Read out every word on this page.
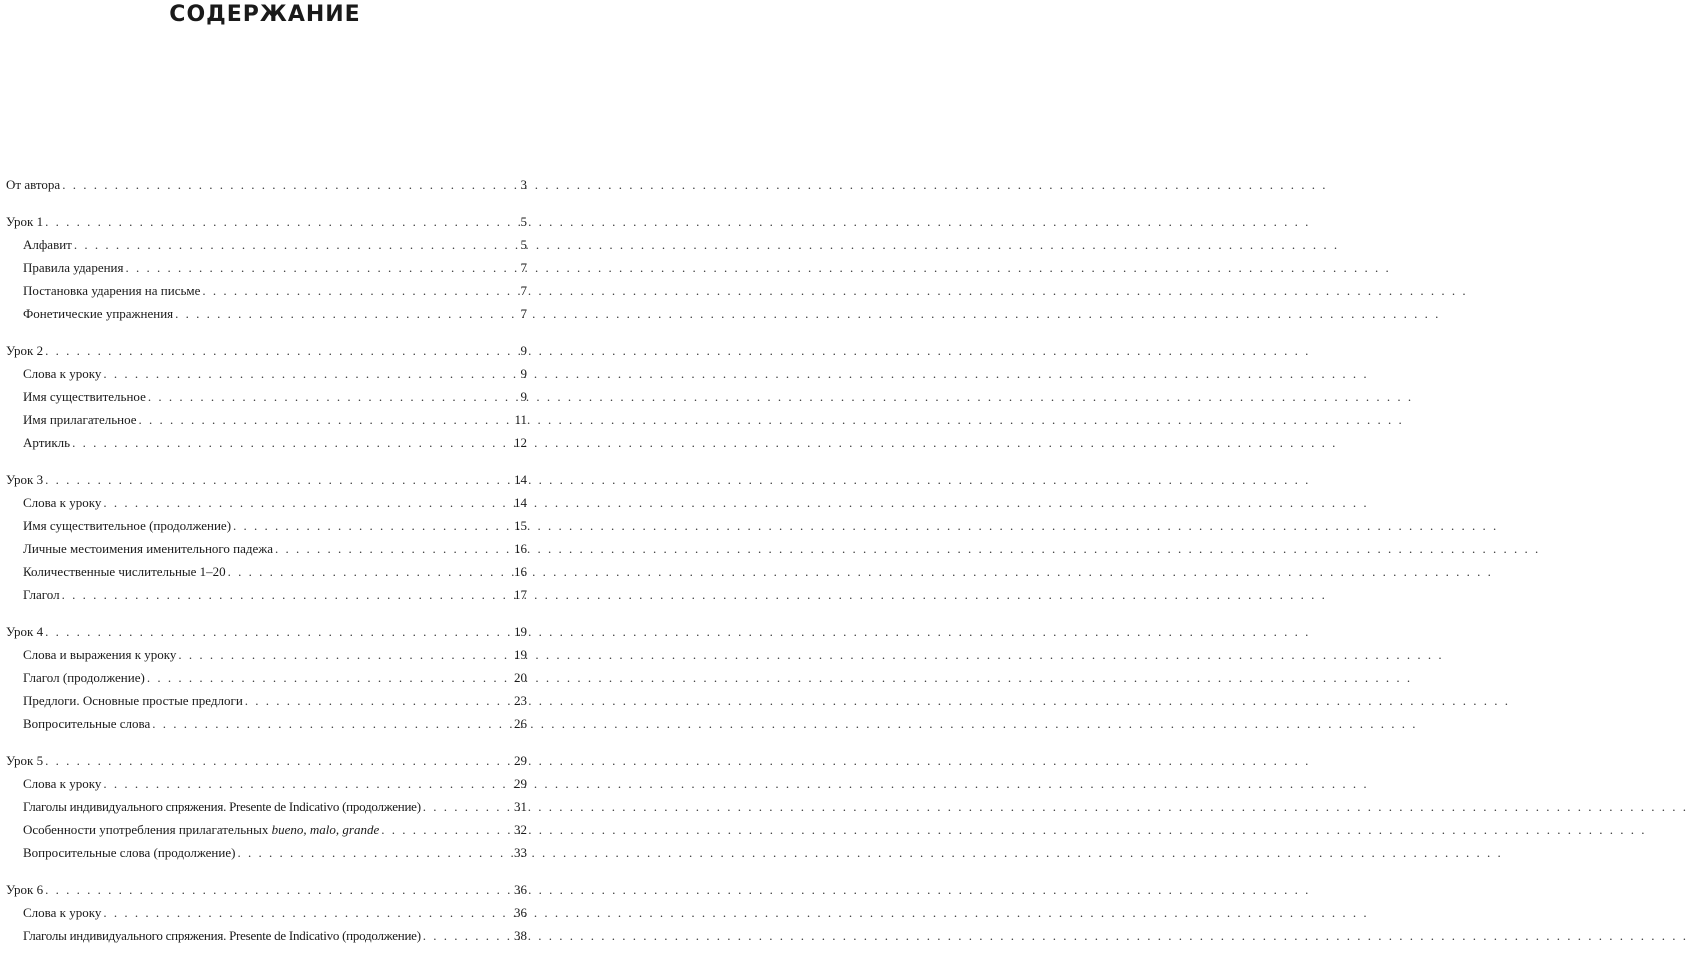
СОДЕРЖАНИЕ
От автора . . .	3
Урок 1 . . .	5
Алфавит . . .	5
Правила ударения . . .	7
Постановка ударения на письме . . .	7
Фонетические упражнения . . .	7
Урок 2 . . .	9
Слова к уроку . . .	9
Имя существительное . . .	9
Имя прилагательное . . .	11
Артикль . . .	12
Урок 3 . . .	14
Слова к уроку . . .	14
Имя существительное (продолжение) . . .	15
Личные местоимения именительного падежа . . .	16
Количественные числительные 1–20 . . .	16
Глагол . . .	17
Урок 4 . . .	19
Слова и выражения к уроку . . .	19
Глагол (продолжение) . . .	20
Предлоги. Основные простые предлоги . . .	23
Вопросительные слова . . .	26
Урок 5 . . .	29
Слова к уроку . . .	29
Глаголы индивидуального спряжения. Presente de Indicativo (продолжение) . . .	31
Особенности употребления прилагательных bueno, malo, grande . . .	32
Вопросительные слова (продолжение) . . .	33
Урок 6 . . .	36
Слова к уроку . . .	36
Глаголы индивидуального спряжения. Presente de Indicativo (продолжение) . . .	38
